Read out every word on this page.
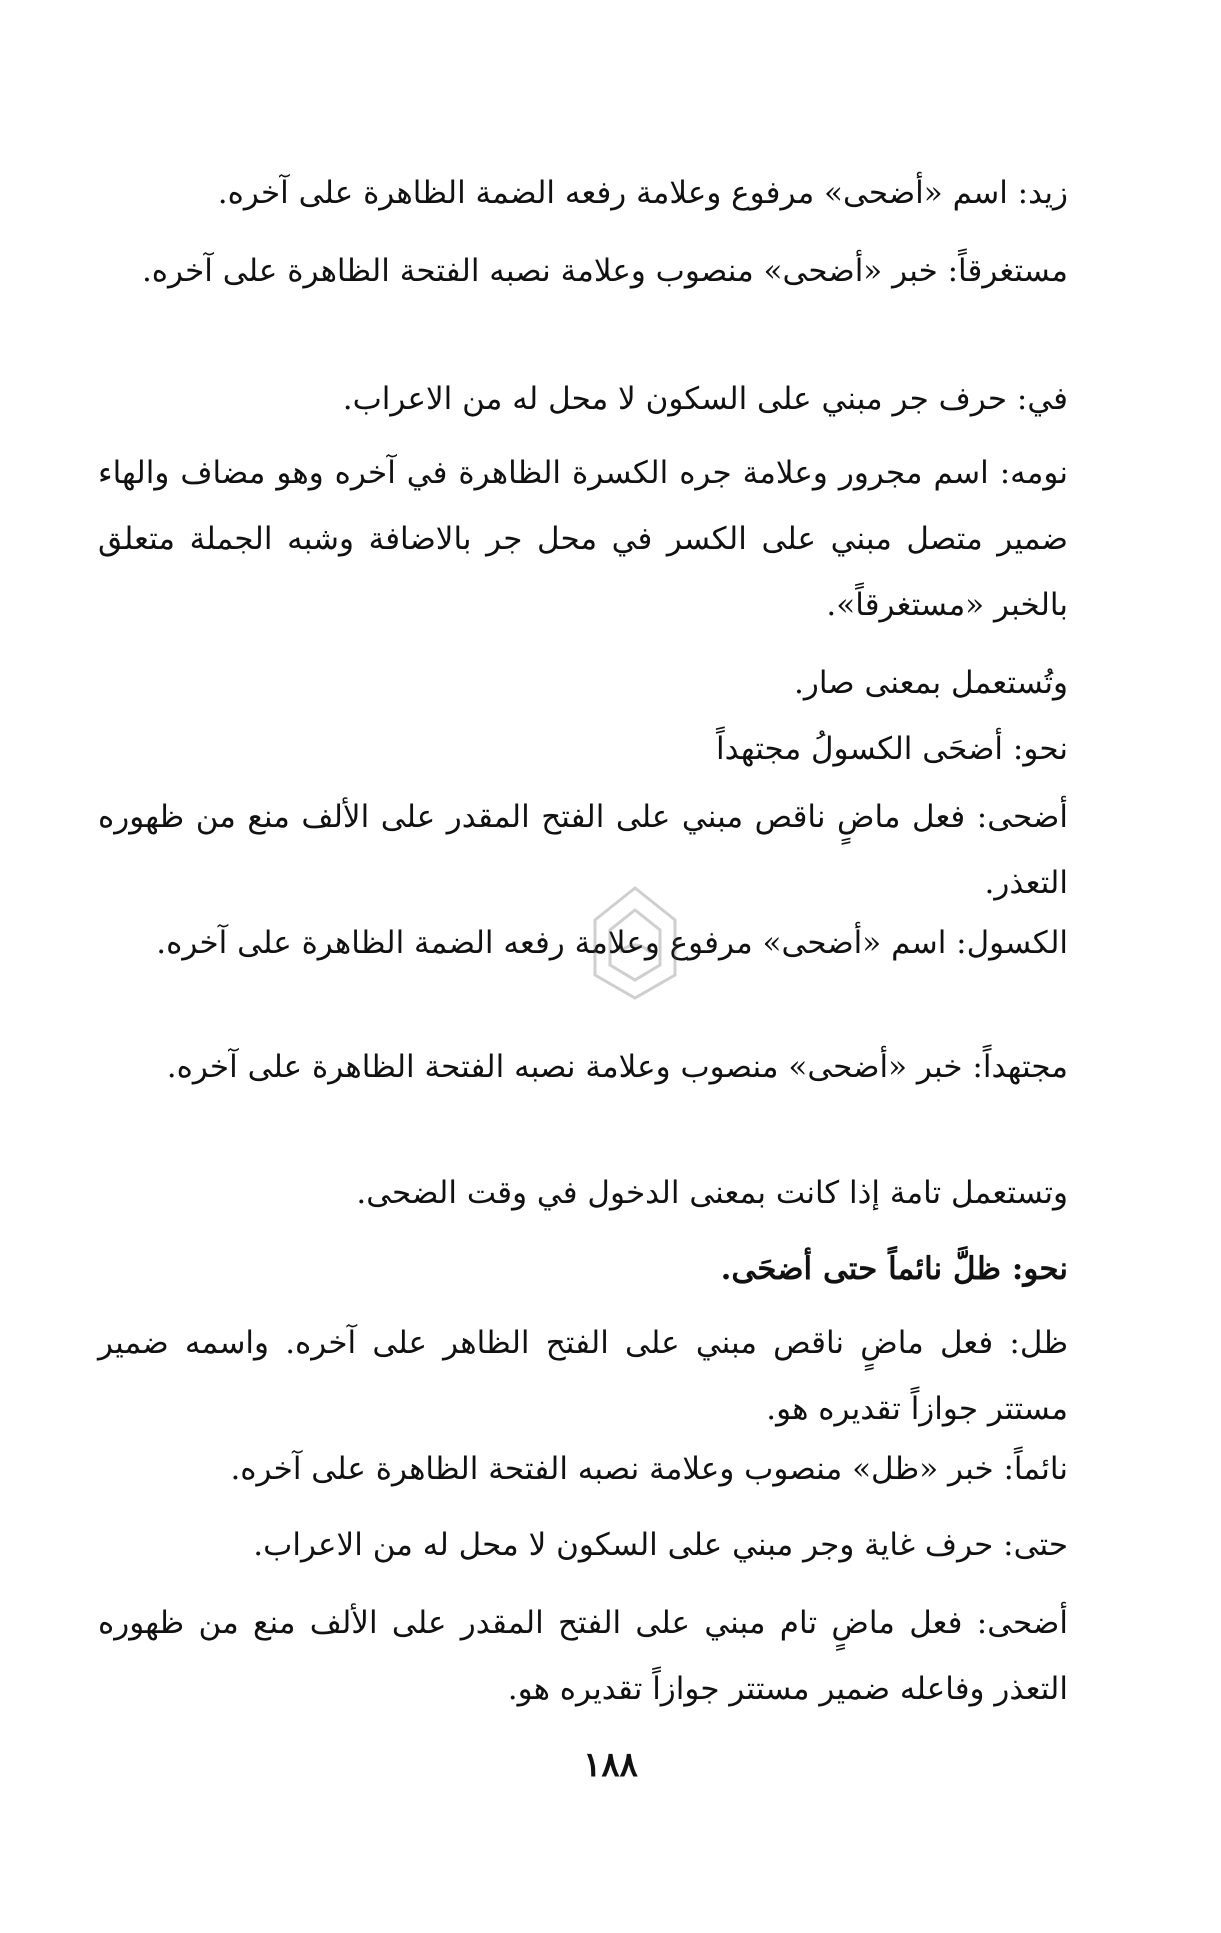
زيد: اسم «أضحى» مرفوع وعلامة رفعه الضمة الظاهرة على آخره.
مستغرقاً: خبر «أضحى» منصوب وعلامة نصبه الفتحة الظاهرة على آخره.
في: حرف جر مبني على السكون لا محل له من الاعراب.
نومه: اسم مجرور وعلامة جره الكسرة الظاهرة في آخره وهو مضاف والهاء ضمير متصل مبني على الكسر في محل جر بالاضافة وشبه الجملة متعلق بالخبر «مستغرقاً».
وتُستعمل بمعنى صار.
نحو: أضحَى الكسولُ مجتهداً
أضحى: فعل ماضٍ ناقص مبني على الفتح المقدر على الألف منع من ظهوره التعذر.
الكسول: اسم «أضحى» مرفوع وعلامة رفعه الضمة الظاهرة على آخره.
مجتهداً: خبر «أضحى» منصوب وعلامة نصبه الفتحة الظاهرة على آخره.
وتستعمل تامة إذا كانت بمعنى الدخول في وقت الضحى.
نحو: ظلَّ نائماً حتى أضحَى.
ظل: فعل ماضٍ ناقص مبني على الفتح الظاهر على آخره. واسمه ضمير مستتر جوازاً تقديره هو.
نائماً: خبر «ظل» منصوب وعلامة نصبه الفتحة الظاهرة على آخره.
حتى: حرف غاية وجر مبني على السكون لا محل له من الاعراب.
أضحى: فعل ماضٍ تام مبني على الفتح المقدر على الألف منع من ظهوره التعذر وفاعله ضمير مستتر جوازاً تقديره هو.
١٨٨
